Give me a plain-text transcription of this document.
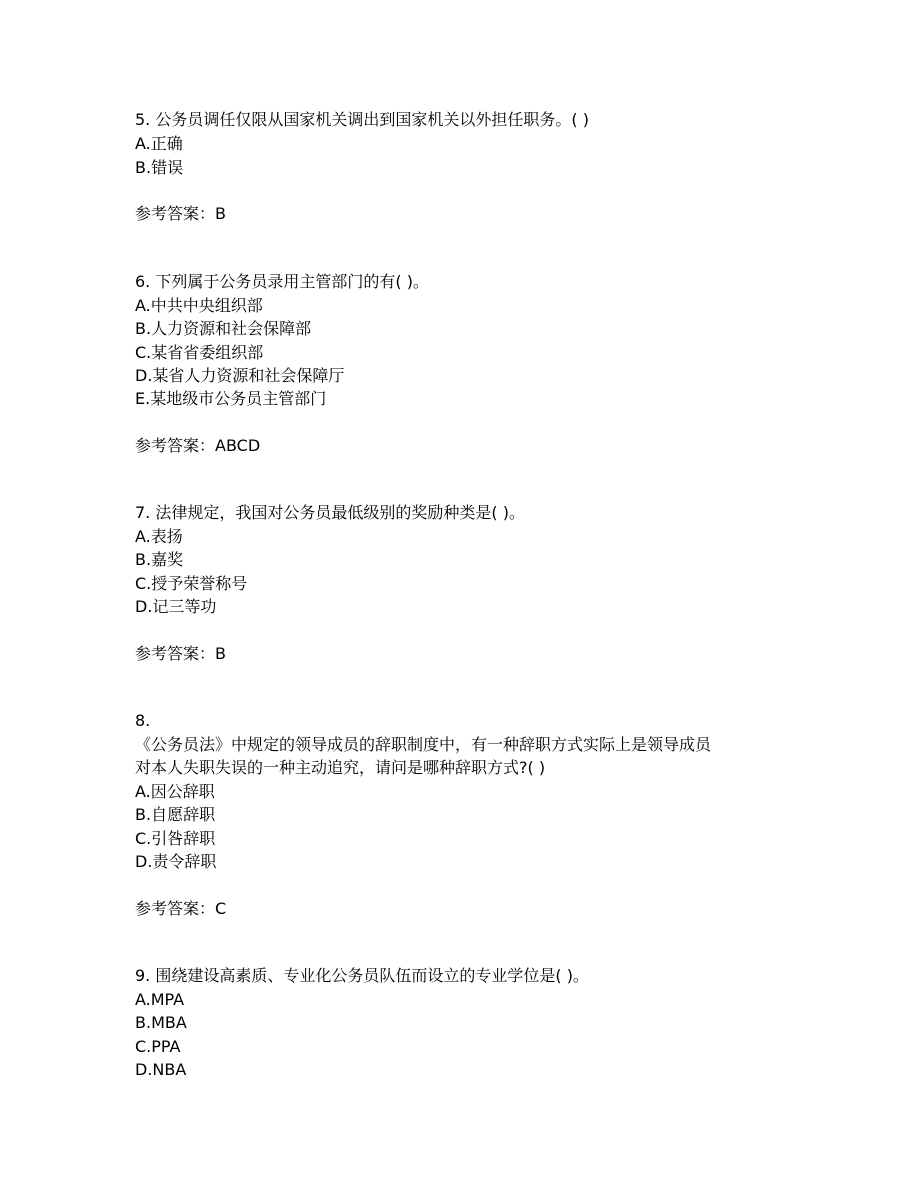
5. 公务员调任仅限从国家机关调出到国家机关以外担任职务。( )
A.正确
B.错误
参考答案：B
6. 下列属于公务员录用主管部门的有( )。
A.中共中央组织部
B.人力资源和社会保障部
C.某省省委组织部
D.某省人力资源和社会保障厅
E.某地级市公务员主管部门
参考答案：ABCD
7. 法律规定，我国对公务员最低级别的奖励种类是( )。
A.表扬
B.嘉奖
C.授予荣誉称号
D.记三等功
参考答案：B
8.
《公务员法》中规定的领导成员的辞职制度中，有一种辞职方式实际上是领导成员
对本人失职失误的一种主动追究，请问是哪种辞职方式?( )
A.因公辞职
B.自愿辞职
C.引咎辞职
D.责令辞职
参考答案：C
9. 围绕建设高素质、专业化公务员队伍而设立的专业学位是( )。
A.MPA
B.MBA
C.PPA
D.NBA
